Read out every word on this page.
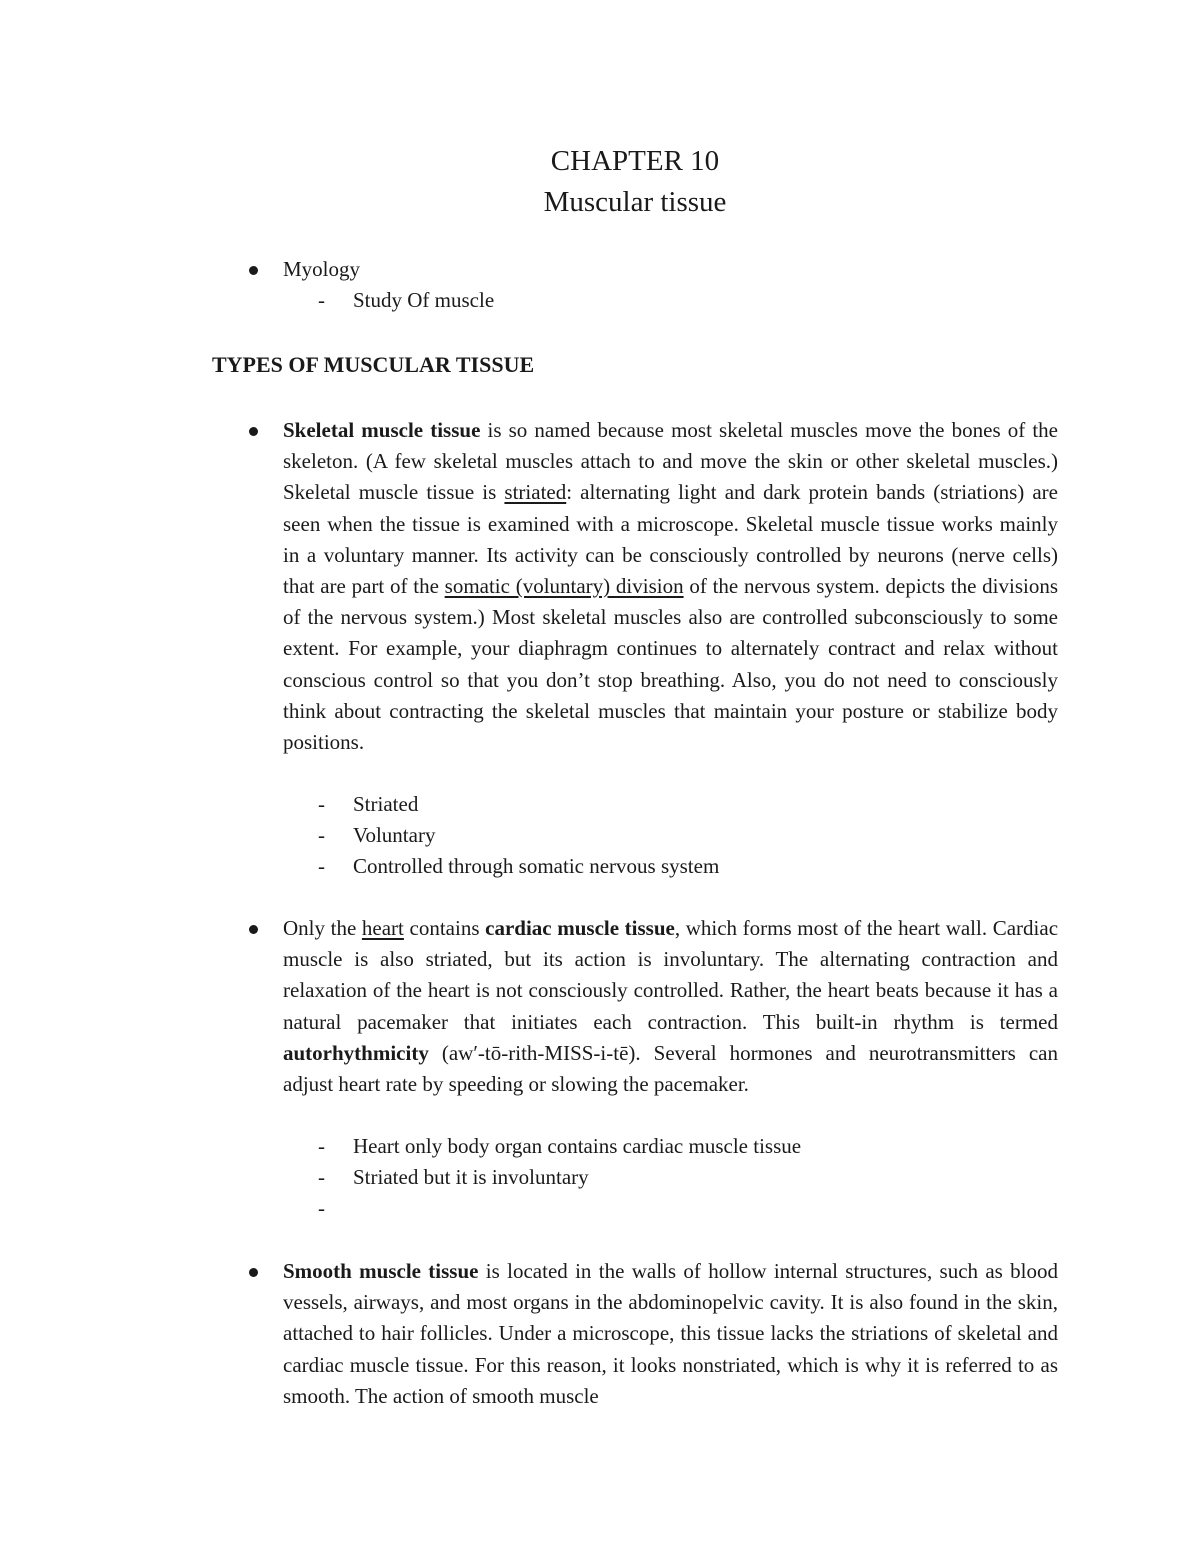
CHAPTER 10
Muscular tissue

Myology

- Study Of muscle
TYPES OF MUSCULAR TISSUE

Skeletal muscle tissue is so named because most skeletal muscles move the bones of the skeleton. (A few skeletal muscles attach to and move the skin or other skeletal muscles.) Skeletal muscle tissue is striated: alternating light and dark protein bands (striations) are seen when the tissue is examined with a microscope. Skeletal muscle tissue works mainly in a voluntary manner. Its activity can be consciously controlled by neurons (nerve cells) that are part of the somatic (voluntary) division of the nervous system. depicts the divisions of the nervous system.) Most skeletal muscles also are controlled subconsciously to some extent. For example, your diaphragm continues to alternately contract and relax without conscious control so that you don’t stop breathing. Also, you do not need to consciously think about contracting the skeletal muscles that maintain your posture or stabilize body positions.

- Striated
- Voluntary
- Controlled through somatic nervous system

Only the heart contains cardiac muscle tissue, which forms most of the heart wall. Cardiac muscle is also striated, but its action is involuntary. The alternating contraction and relaxation of the heart is not consciously controlled. Rather, the heart beats because it has a natural pacemaker that initiates each contraction. This built-in rhythm is termed autorhythmicity (aw′-tō-rith-MISS-i-tē). Several hormones and neurotransmitters can adjust heart rate by speeding or slowing the pacemaker.

- Heart only body organ contains cardiac muscle tissue
- Striated but it is involuntary
-

Smooth muscle tissue is located in the walls of hollow internal structures, such as blood vessels, airways, and most organs in the abdominopelvic cavity. It is also found in the skin, attached to hair follicles. Under a microscope, this tissue lacks the striations of skeletal and cardiac muscle tissue. For this reason, it looks nonstriated, which is why it is referred to as smooth. The action of smooth muscle
